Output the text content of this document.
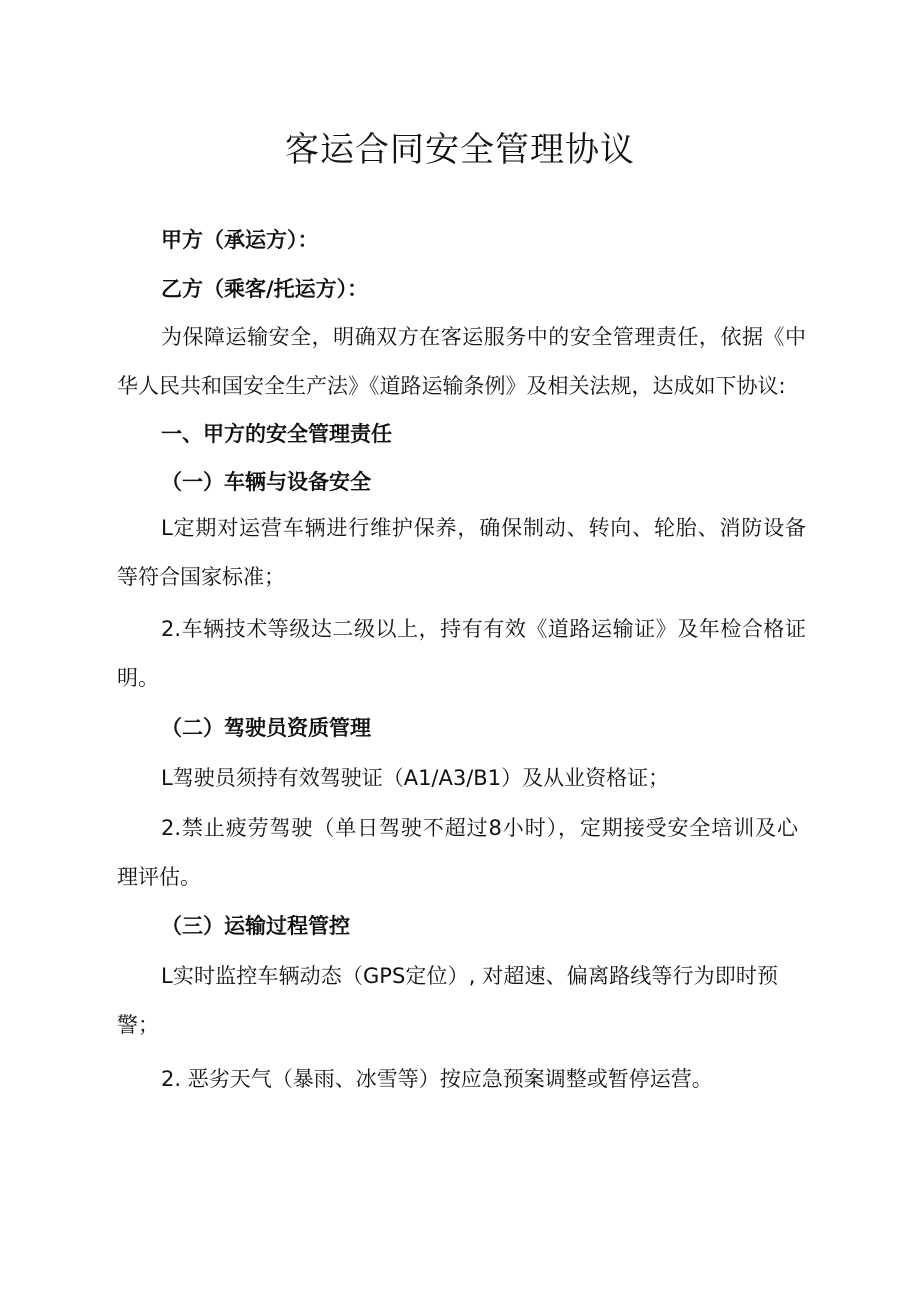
客运合同安全管理协议

甲方（承运方）：

乙方（乘客/托运方）：

为保障运输安全，明确双方在客运服务中的安全管理责任，依据《中

华人民共和国安全生产法》《道路运输条例》及相关法规，达成如下协议:

一、甲方的安全管理责任

（一）车辆与设备安全

L定期对运营车辆进行维护保养，确保制动、转向、轮胎、消防设备

等符合国家标准；

2.车辆技术等级达二级以上，持有有效《道路运输证》及年检合格证

明。

（二）驾驶员资质管理

L驾驶员须持有效驾驶证（A1/A3/B1）及从业资格证；

2.禁止疲劳驾驶（单日驾驶不超过8小时），定期接受安全培训及心

理评估。

（三）运输过程管控

L实时监控车辆动态（GPS定位）, 对超速、偏离路线等行为即时预

警；

2. 恶劣天气（暴雨、冰雪等）按应急预案调整或暂停运营。
